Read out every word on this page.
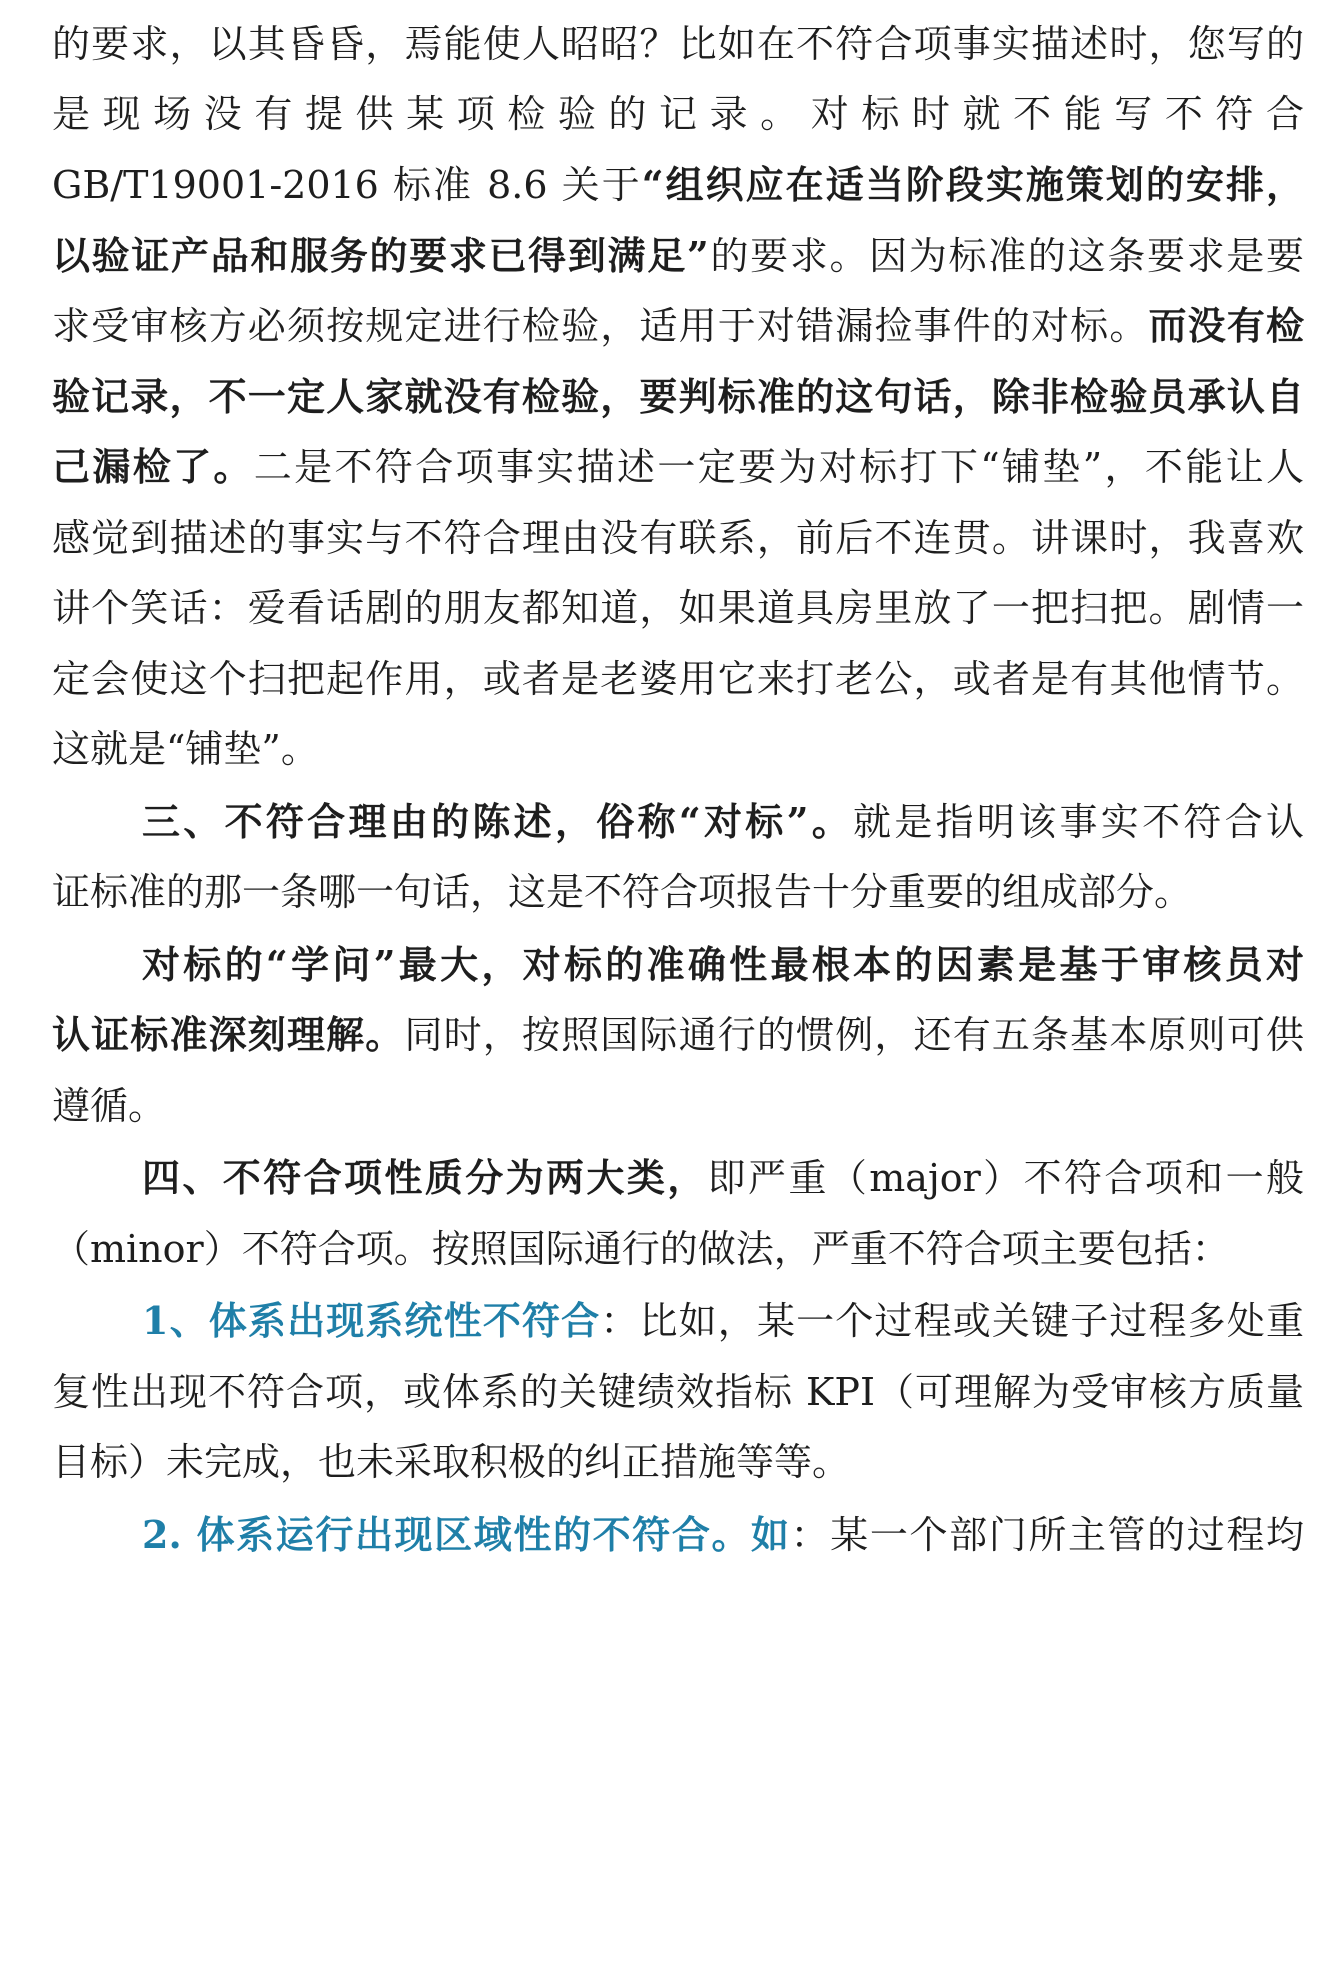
的要求，以其昏昏，焉能使人昭昭？比如在不符合项事实描述时，您写的
是现场没有提供某项检验的记录。对标时就不能写不符合
GB/T19001-2016 标准 8.6 关于“组织应在适当阶段实施策划的安排，
以验证产品和服务的要求已得到满足”的要求。因为标准的这条要求是要
求受审核方必须按规定进行检验，适用于对错漏捡事件的对标。而没有检
验记录，不一定人家就没有检验，要判标准的这句话，除非检验员承认自
己漏检了。二是不符合项事实描述一定要为对标打下“铺垫”，不能让人
感觉到描述的事实与不符合理由没有联系，前后不连贯。讲课时，我喜欢
讲个笑话：爱看话剧的朋友都知道，如果道具房里放了一把扫把。剧情一
定会使这个扫把起作用，或者是老婆用它来打老公，或者是有其他情节。
这就是“铺垫”。
三、不符合理由的陈述，俗称“对标”。就是指明该事实不符合认
证标准的那一条哪一句话，这是不符合项报告十分重要的组成部分。
对标的“学问”最大，对标的准确性最根本的因素是基于审核员对
认证标准深刻理解。同时，按照国际通行的惯例，还有五条基本原则可供
遵循。
四、不符合项性质分为两大类，即严重（major）不符合项和一般
（minor）不符合项。按照国际通行的做法，严重不符合项主要包括：
1、体系出现系统性不符合：比如，某一个过程或关键子过程多处重
复性出现不符合项，或体系的关键绩效指标 KPI（可理解为受审核方质量
目标）未完成，也未采取积极的纠正措施等等。
2. 体系运行出现区域性的不符合。如：某一个部门所主管的过程均
